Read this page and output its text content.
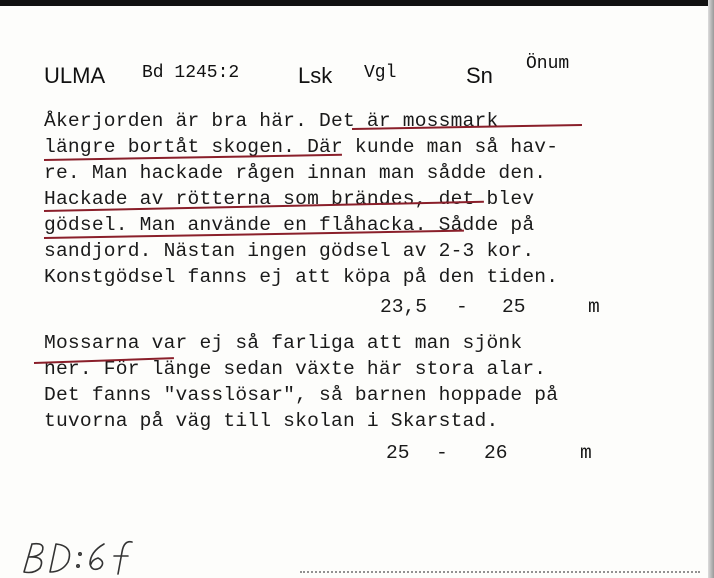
ULMA Bd 1245:2	Lsk Vgl	Sn Önum
Åkerjorden är bra här. Det är mossmark
längre bortåt skogen. Där kunde man så hav-
re. Man hackade rågen innan man sådde den.
Hackade av rötterna som brändes, det blev
gödsel. Man använde en flåhacka. Sådde på
sandjord. Nästan ingen gödsel av 2-3 kor.
Konstgödsel fanns ej att köpa på den tiden.
23,5 - 25	m
Mossarna var ej så farliga att man sjönk
ner. För länge sedan växte här stora alar.
Det fanns "vasslösar", så barnen hoppade på
tuvorna på väg till skolan i Skarstad.
25 - 26	m
